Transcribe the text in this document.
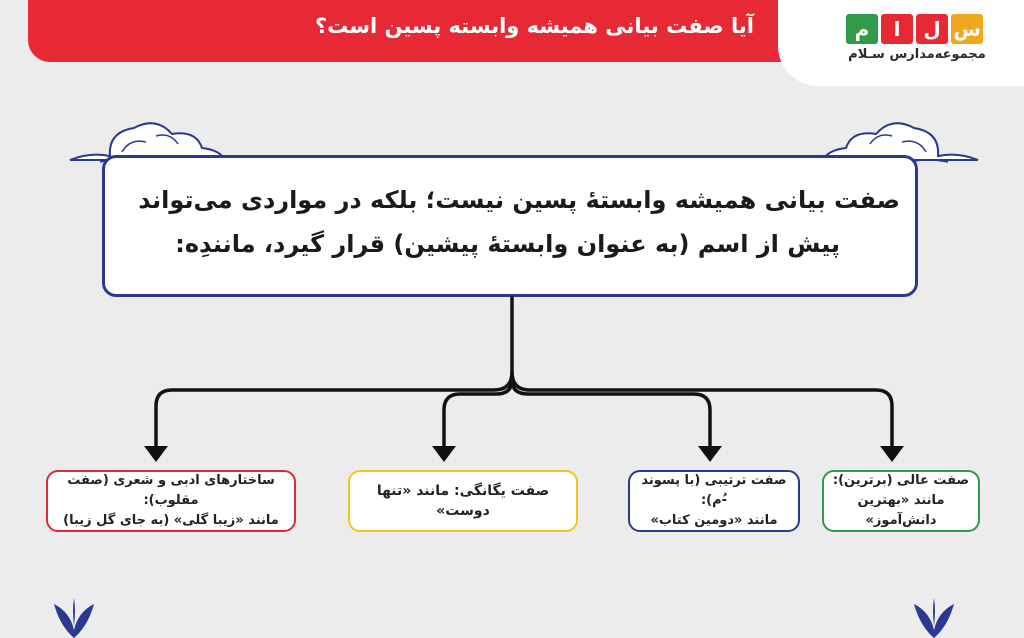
آیا صفت بیانی همیشه وابسته پسین است؟	م	ا	ل س
مجموعه‌مدارس سـلام
صفت بیانی همیشه وابستهٔ پسین نیست؛ بلکه در مواردی می‌تواند
پیش از اسم (به عنوان وابستهٔ پیشین) قرار گیرد، مانندِه:
ساختارهای ادبی و شعری (صفت مقلوب):
مانند «زیبا گلی» (به جای گل زیبا)
صفت یگانگی: مانند «تنها دوست»
صفت ترتیبی (با پسوند -ُم):
مانند «دومین کتاب»
صفت عالی (برترین):
مانند «بهترین دانش‌آموز»
